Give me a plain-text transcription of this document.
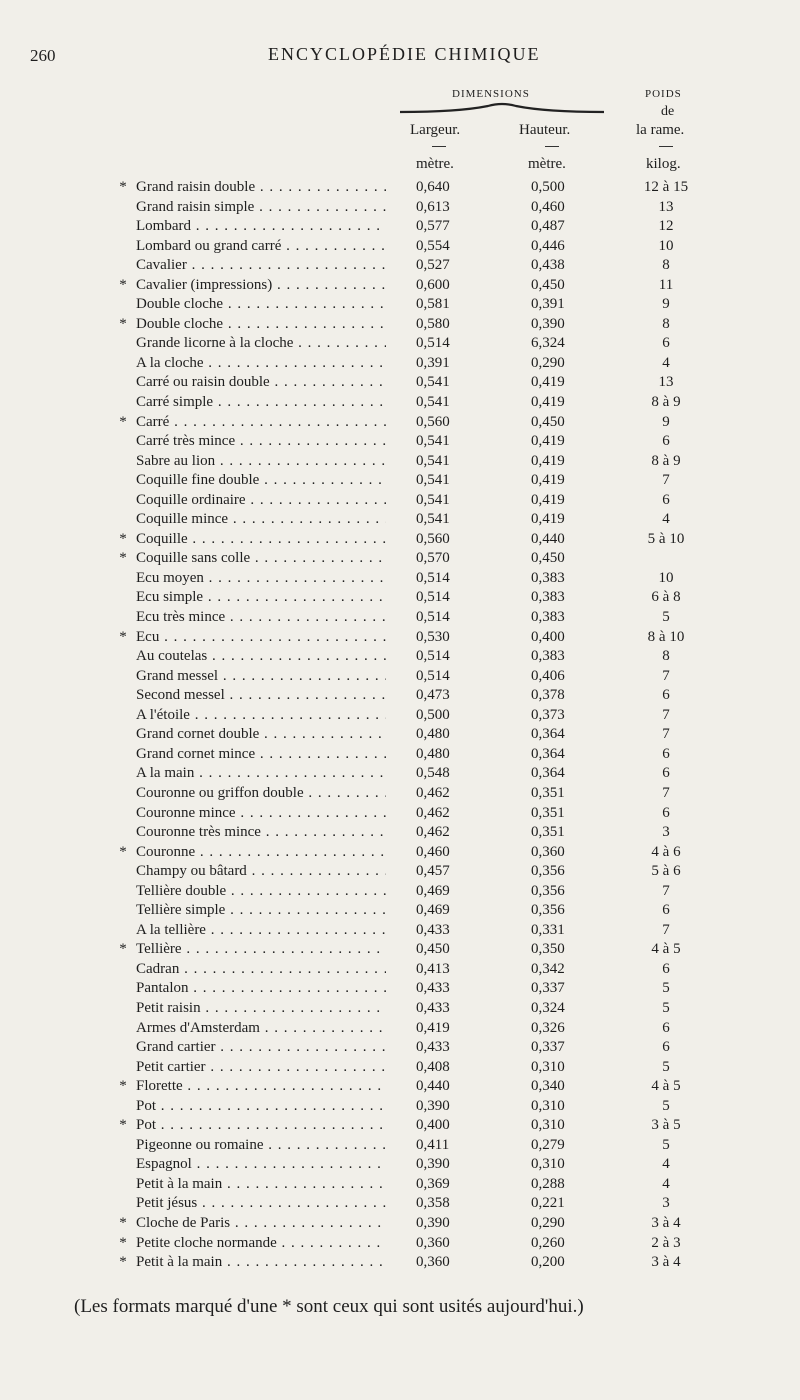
260	ENCYCLOPÉDIE CHIMIQUE
DIMENSIONS	POIDS
de
la rame.
Largeur.	Hauteur.
mètre.	mètre.	kilog.
* Grand raisin double . . .	0,640	0,500	12 à 15
Grand raisin simple . . .	0,613	0,460	13
Lombard . . .	0,577	0,487	12
Lombard ou grand carré . . .	0,554	0,446	10
Cavalier . . .	0,527	0,438	8
* Cavalier (impressions) . . .	0,600	0,450	11
Double cloche . . .	0,581	0,391	9
* Double cloche . . .	0,580	0,390	8
Grande licorne à la cloche . . .	0,514	6,324	6
A la cloche . . .	0,391	0,290	4
Carré ou raisin double . . .	0,541	0,419	13
Carré simple . . .	0,541	0,419	8 à 9
* Carré . . .	0,560	0,450	9
Carré très mince . . .	0,541	0,419	6
Sabre au lion . . .	0,541	0,419	8 à 9
Coquille fine double . . .	0,541	0,419	7
Coquille ordinaire . . .	0,541	0,419	6
Coquille mince . . .	0,541	0,419	4
* Coquille . . .	0,560	0,440	5 à 10
* Coquille sans colle . . .	0,570	0,450
Ecu moyen . . .	0,514	0,383	10
Ecu simple . . .	0,514	0,383	6 à 8
Ecu très mince . . .	0,514	0,383	5
* Ecu . . .	0,530	0,400	8 à 10
Au coutelas . . .	0,514	0,383	8
Grand messel . . .	0,514	0,406	7
Second messel . . .	0,473	0,378	6
A l'étoile . . .	0,500	0,373	7
Grand cornet double . . .	0,480	0,364	7
Grand cornet mince . . .	0,480	0,364	6
A la main . . .	0,548	0,364	6
Couronne ou griffon double . . .	0,462	0,351	7
Couronne mince . . .	0,462	0,351	6
Couronne très mince . . .	0,462	0,351	3
* Couronne . . .	0,460	0,360	4 à 6
Champy ou bâtard . . .	0,457	0,356	5 à 6
Tellière double . . .	0,469	0,356	7
Tellière simple . . .	0,469	0,356	6
A la tellière . . .	0,433	0,331	7
* Tellière . . .	0,450	0,350	4 à 5
Cadran . . .	0,413	0,342	6
Pantalon . . .	0,433	0,337	5
Petit raisin . . .	0,433	0,324	5
Armes d'Amsterdam . . .	0,419	0,326	6
Grand cartier . . .	0,433	0,337	6
Petit cartier . . .	0,408	0,310	5
* Florette . . .	0,440	0,340	4 à 5
Pot . . .	0,390	0,310	5
* Pot . . .	0,400	0,310	3 à 5
Pigeonne ou romaine . . .	0,411	0,279	5
Espagnol . . .	0,390	0,310	4
Petit à la main . . .	0,369	0,288	4
Petit jésus . . .	0,358	0,221	3
* Cloche de Paris . . .	0,390	0,290	3 à 4
* Petite cloche normande . . .	0,360	0,260	2 à 3
* Petit à la main . . .	0,360	0,200	3 à 4
(Les formats marqué d'une * sont ceux qui sont usités aujourd'hui.)
